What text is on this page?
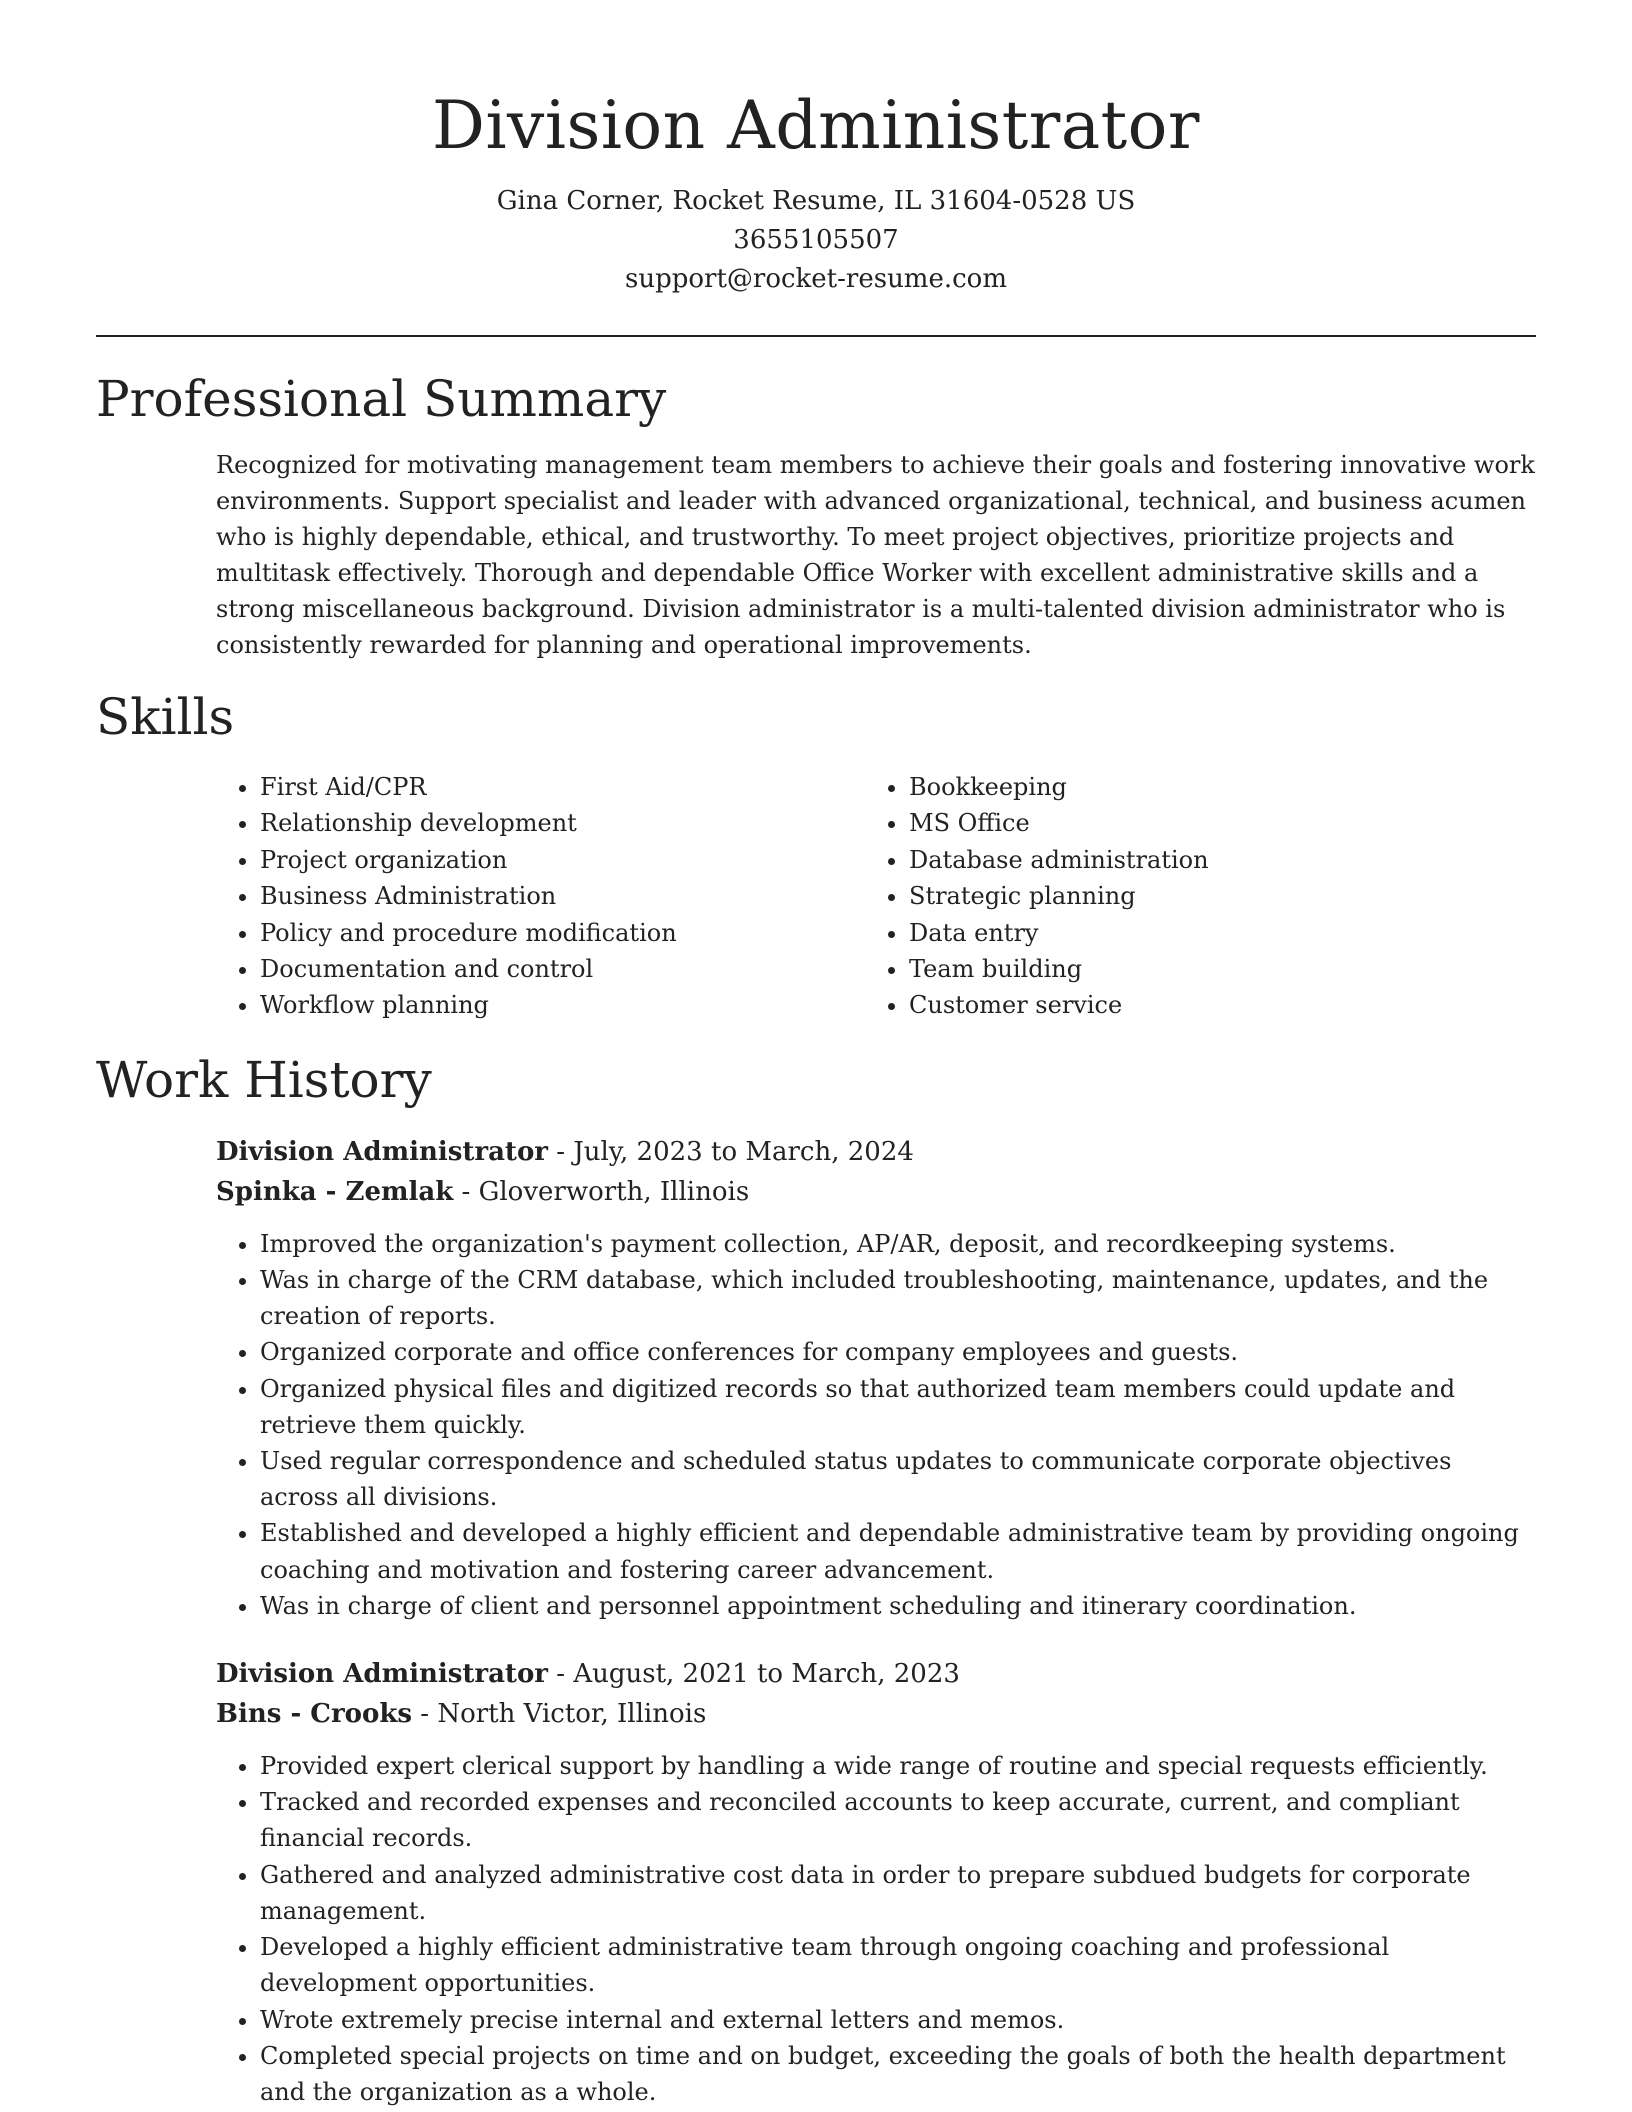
Division Administrator

Gina Corner, Rocket Resume, IL 31604-0528 US

3655105507

support@rocket-resume.com

Professional Summary

Recognized for motivating management team members to achieve their goals and fostering innovative work environments. Support specialist and leader with advanced organizational, technical, and business acumen who is highly dependable, ethical, and trustworthy. To meet project objectives, prioritize projects and multitask effectively. Thorough and dependable Office Worker with excellent administrative skills and a strong miscellaneous background. Division administrator is a multi-talented division administrator who is consistently rewarded for planning and operational improvements.

Skills
• First Aid/CPR
• Relationship development
• Project organization
• Business Administration
• Policy and procedure modification
• Documentation and control
• Workflow planning
• Bookkeeping
• MS Office
• Database administration
• Strategic planning
• Data entry
• Team building
• Customer service
Work History

Division Administrator - July, 2023 to March, 2024

Spinka - Zemlak - Gloverworth, Illinois

• Improved the organization's payment collection, AP/AR, deposit, and recordkeeping systems.
• Was in charge of the CRM database, which included troubleshooting, maintenance, updates, and the creation of reports.
• Organized corporate and office conferences for company employees and guests.
• Organized physical files and digitized records so that authorized team members could update and retrieve them quickly.
• Used regular correspondence and scheduled status updates to communicate corporate objectives across all divisions.
• Established and developed a highly efficient and dependable administrative team by providing ongoing coaching and motivation and fostering career advancement.
• Was in charge of client and personnel appointment scheduling and itinerary coordination.

Division Administrator - August, 2021 to March, 2023

Bins - Crooks - North Victor, Illinois

• Provided expert clerical support by handling a wide range of routine and special requests efficiently.
• Tracked and recorded expenses and reconciled accounts to keep accurate, current, and compliant financial records.
• Gathered and analyzed administrative cost data in order to prepare subdued budgets for corporate management.
• Developed a highly efficient administrative team through ongoing coaching and professional development opportunities.
• Wrote extremely precise internal and external letters and memos.
• Completed special projects on time and on budget, exceeding the goals of both the health department and the organization as a whole.
